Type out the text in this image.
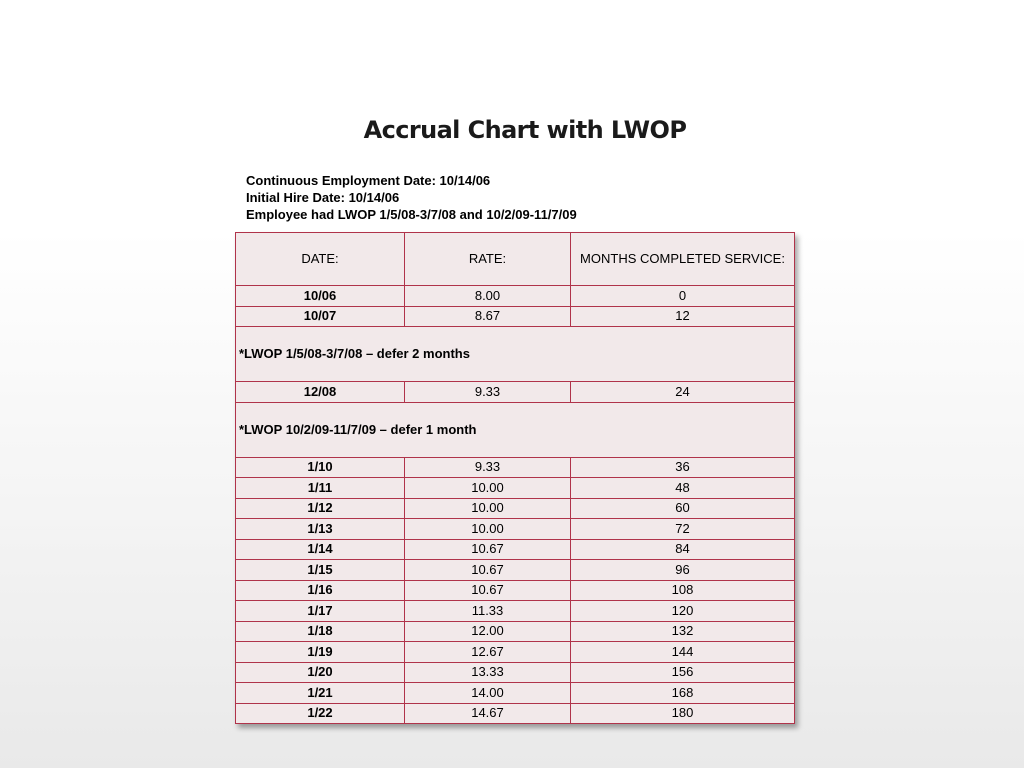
Accrual Chart with LWOP
Continuous Employment Date: 10/14/06
Initial Hire Date: 10/14/06
Employee had LWOP 1/5/08-3/7/08 and 10/2/09-11/7/09
DATE:	RATE:	MONTHS COMPLETED SERVICE:
10/06	8.00	0
10/07	8.67	12
*LWOP 1/5/08-3/7/08 – defer 2 months		
12/08	9.33	24
*LWOP 10/2/09-11/7/09 – defer 1 month		
1/10	9.33	36
1/11	10.00	48
1/12	10.00	60
1/13	10.00	72
1/14	10.67	84
1/15	10.67	96
1/16	10.67	108
1/17	11.33	120
1/18	12.00	132
1/19	12.67	144
1/20	13.33	156
1/21	14.00	168
1/22	14.67	180
